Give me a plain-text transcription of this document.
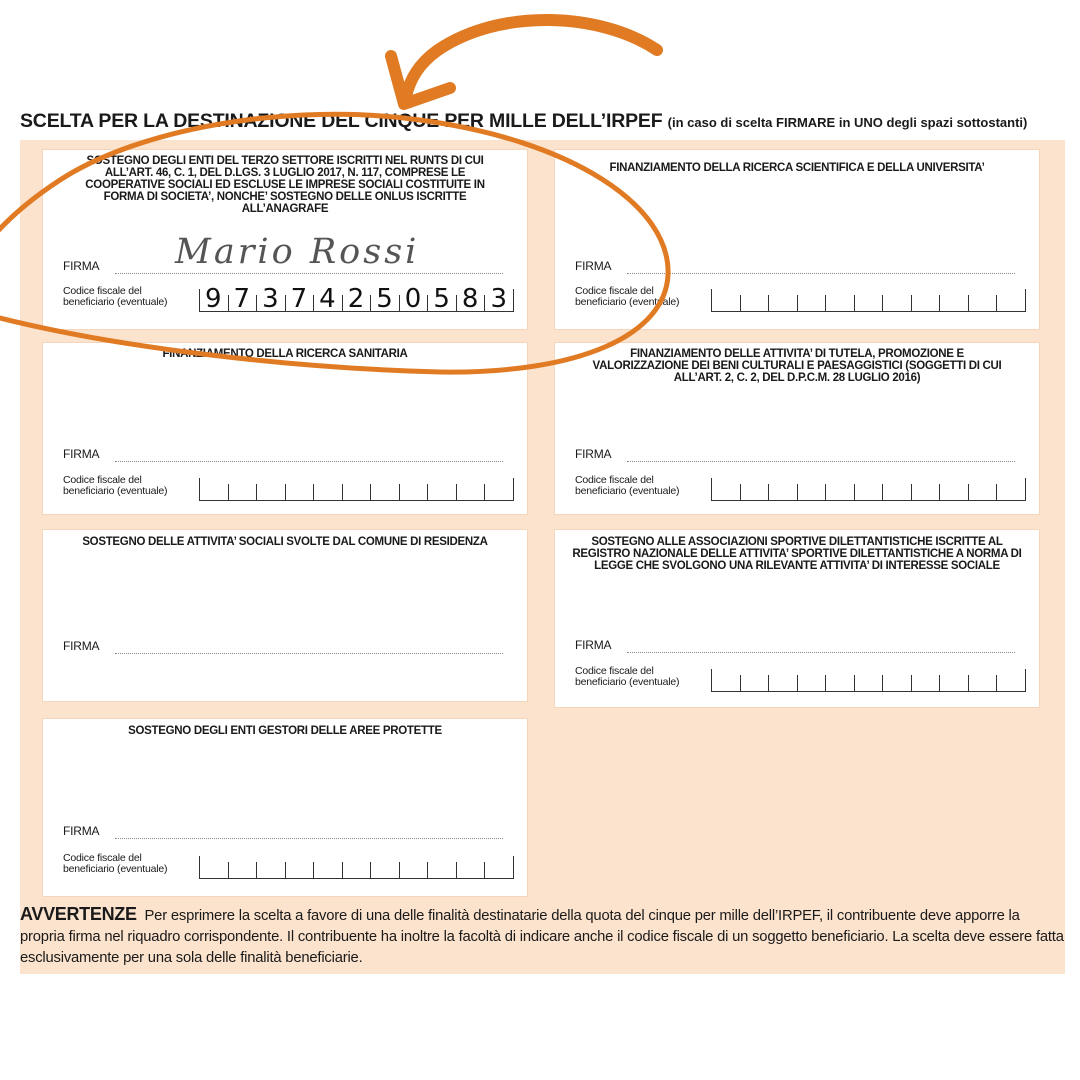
SCELTA PER LA DESTINAZIONE DEL CINQUE PER MILLE DELL’IRPEF (in caso di scelta FIRMARE in UNO degli spazi sottostanti)
SOSTEGNO DEGLI ENTI DEL TERZO SETTORE ISCRITTI NEL RUNTS DI CUI ALL’ART. 46, C. 1, DEL D.LGS. 3 LUGLIO 2017, N. 117, COMPRESE LE COOPERATIVE SOCIALI ED ESCLUSE LE IMPRESE SOCIALI COSTITUITE IN FORMA DI SOCIETA’, NONCHE’ SOSTEGNO DELLE ONLUS ISCRITTE ALL’ANAGRAFE
FIRMA
Codice fiscale del
beneficiario (eventuale) 9 7 3 7 4 2 5 0 5 8 3
FINANZIAMENTO DELLA RICERCA SCIENTIFICA E DELLA UNIVERSITA’
FIRMA
Codice fiscale del
beneficiario (eventuale)
FINANZIAMENTO DELLA RICERCA SANITARIA
FIRMA
Codice fiscale del
beneficiario (eventuale)
FINANZIAMENTO DELLE ATTIVITA’ DI TUTELA, PROMOZIONE E VALORIZZAZIONE DEI BENI CULTURALI E PAESAGGISTICI (SOGGETTI DI CUI ALL’ART. 2, C. 2, DEL D.P.C.M. 28 LUGLIO 2016)
FIRMA
Codice fiscale del
beneficiario (eventuale)
SOSTEGNO DELLE ATTIVITA’ SOCIALI SVOLTE DAL COMUNE DI RESIDENZA
FIRMA
SOSTEGNO ALLE ASSOCIAZIONI SPORTIVE DILETTANTISTICHE ISCRITTE AL REGISTRO NAZIONALE DELLE ATTIVITA’ SPORTIVE DILETTANTISTICHE A NORMA DI LEGGE CHE SVOLGONO UNA RILEVANTE ATTIVITA’ DI INTERESSE SOCIALE
FIRMA
Codice fiscale del
beneficiario (eventuale)
SOSTEGNO DEGLI ENTI GESTORI DELLE AREE PROTETTE
FIRMA
Codice fiscale del
beneficiario (eventuale)
Mario Rossi
AVVERTENZE Per esprimere la scelta a favore di una delle finalità destinatarie della quota del cinque per mille dell’IRPEF, il contribuente deve apporre la propria firma nel riquadro corrispondente. Il contribuente ha inoltre la facoltà di indicare anche il codice fiscale di un soggetto beneficiario. La scelta deve essere fatta esclusivamente per una sola delle finalità beneficiarie.
